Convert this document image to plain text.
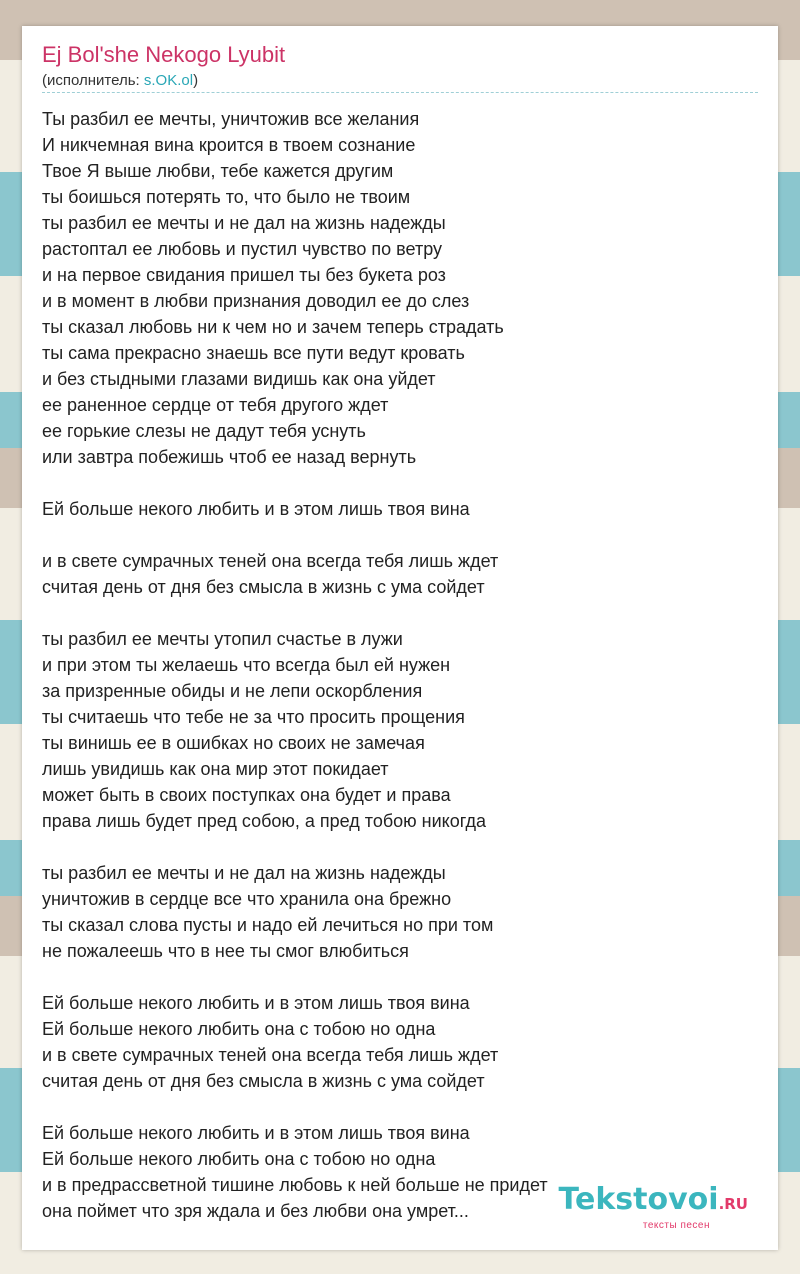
Ej Bol'she Nekogo Lyubit
(исполнитель: s.OK.ol)
Ты разбил ее мечты, уничтожив все желания
И никчемная вина кроится в твоем сознание
Твое Я выше любви, тебе кажется другим
ты боишься потерять то, что было не твоим
ты разбил ее мечты и не дал на жизнь надежды
растоптал ее любовь и пустил чувство по ветру
и на первое свидания пришел ты без букета роз
и в момент в любви признания доводил ее до слез
ты сказал любовь ни к чем но и зачем теперь страдать
ты сама прекрасно знаешь все пути ведут кровать
и без стыдными глазами видишь как она уйдет
ее раненное сердце от тебя другого ждет
ее горькие слезы не дадут тебя уснуть
или завтра побежишь чтоб ее назад вернуть
Ей больше некого любить и в этом лишь твоя вина
и в свете сумрачных теней она всегда тебя лишь ждет
считая день от дня без смысла в жизнь с ума сойдет
ты разбил ее мечты утопил счастье в лужи
и при этом ты желаешь что всегда был ей нужен
за призренные обиды и не лепи оскорбления
ты считаешь что тебе не за что просить прощения
ты винишь ее в ошибках но своих не замечая
лишь увидишь как она мир этот покидает
может быть в своих поступках она будет и права
права лишь будет пред собою, а пред тобою никогда
ты разбил ее мечты и не дал на жизнь надежды
уничтожив в сердце все что хранила она брежно
ты сказал слова пусты и надо ей лечиться но при том
не пожалеешь что в нее ты смог влюбиться
Ей больше некого любить и в этом лишь твоя вина
Ей больше некого любить она с тобою но одна
и в свете сумрачных теней она всегда тебя лишь ждет
считая день от дня без смысла в жизнь с ума сойдет
Ей больше некого любить и в этом лишь твоя вина
Ей больше некого любить она с тобою но одна
и в предрассветной тишине любовь к ней больше не придет
она поймет что зря ждала и без любви она умрет...	Tekstovoi.RU
тексты песен
